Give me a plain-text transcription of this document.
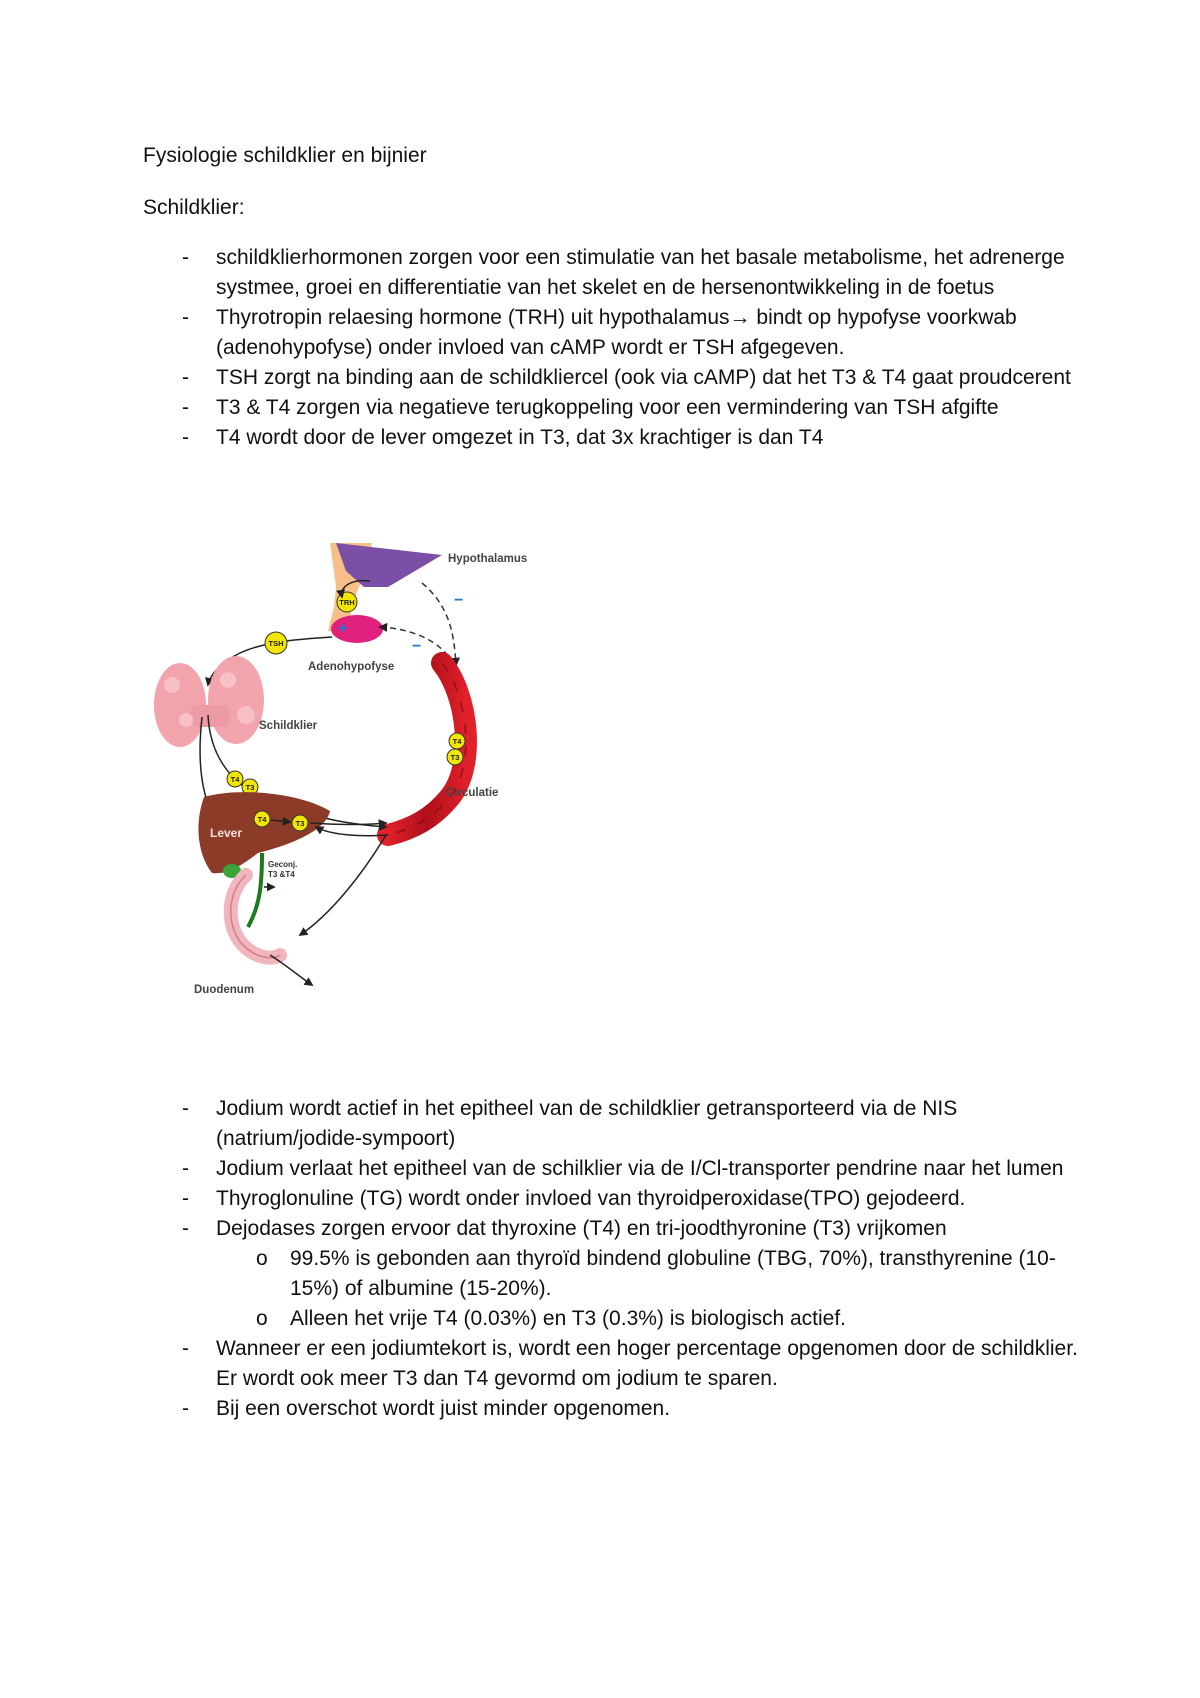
Fysiologie schildklier en bijnier
Schildklier:
- schildklierhormonen zorgen voor een stimulatie van het basale metabolisme, het adrenerge systmee, groei en differentiatie van het skelet en de hersenontwikkeling in de foetus
- Thyrotropin relaesing hormone (TRH) uit hypothalamus→ bindt op hypofyse voorkwab (adenohypofyse) onder invloed van cAMP wordt er TSH afgegeven.
- TSH zorgt na binding aan de schildkliercel (ook via cAMP) dat het T3 & T4 gaat proudcerent
- T3 & T4 zorgen via negatieve terugkoppeling voor een vermindering van TSH afgifte
- T4 wordt door de lever omgezet in T3, dat 3x krachtiger is dan T4
Hypothalamus
Adenohypofyse
TRH
+
−
−
TSH
Schildklier
Circulatie
T4
T3
T4
T3
Lever
T4	T3
Geconj.
T3 &T4
Duodenum
- Jodium wordt actief in het epitheel van de schildklier getransporteerd via de NIS (natrium/jodide-sympoort)
- Jodium verlaat het epitheel van de schilklier via de I/Cl-transporter pendrine naar het lumen
- Thyroglonuline (TG) wordt onder invloed van thyroidperoxidase(TPO) gejodeerd.
- Dejodases zorgen ervoor dat thyroxine (T4) en tri-joodthyronine (T3) vrijkomen
o 99.5% is gebonden aan thyroïd bindend globuline (TBG, 70%), transthyrenine (10-15%) of albumine (15-20%).
o Alleen het vrije T4 (0.03%) en T3 (0.3%) is biologisch actief.
- Wanneer er een jodiumtekort is, wordt een hoger percentage opgenomen door de schildklier. Er wordt ook meer T3 dan T4 gevormd om jodium te sparen.
- Bij een overschot wordt juist minder opgenomen.
